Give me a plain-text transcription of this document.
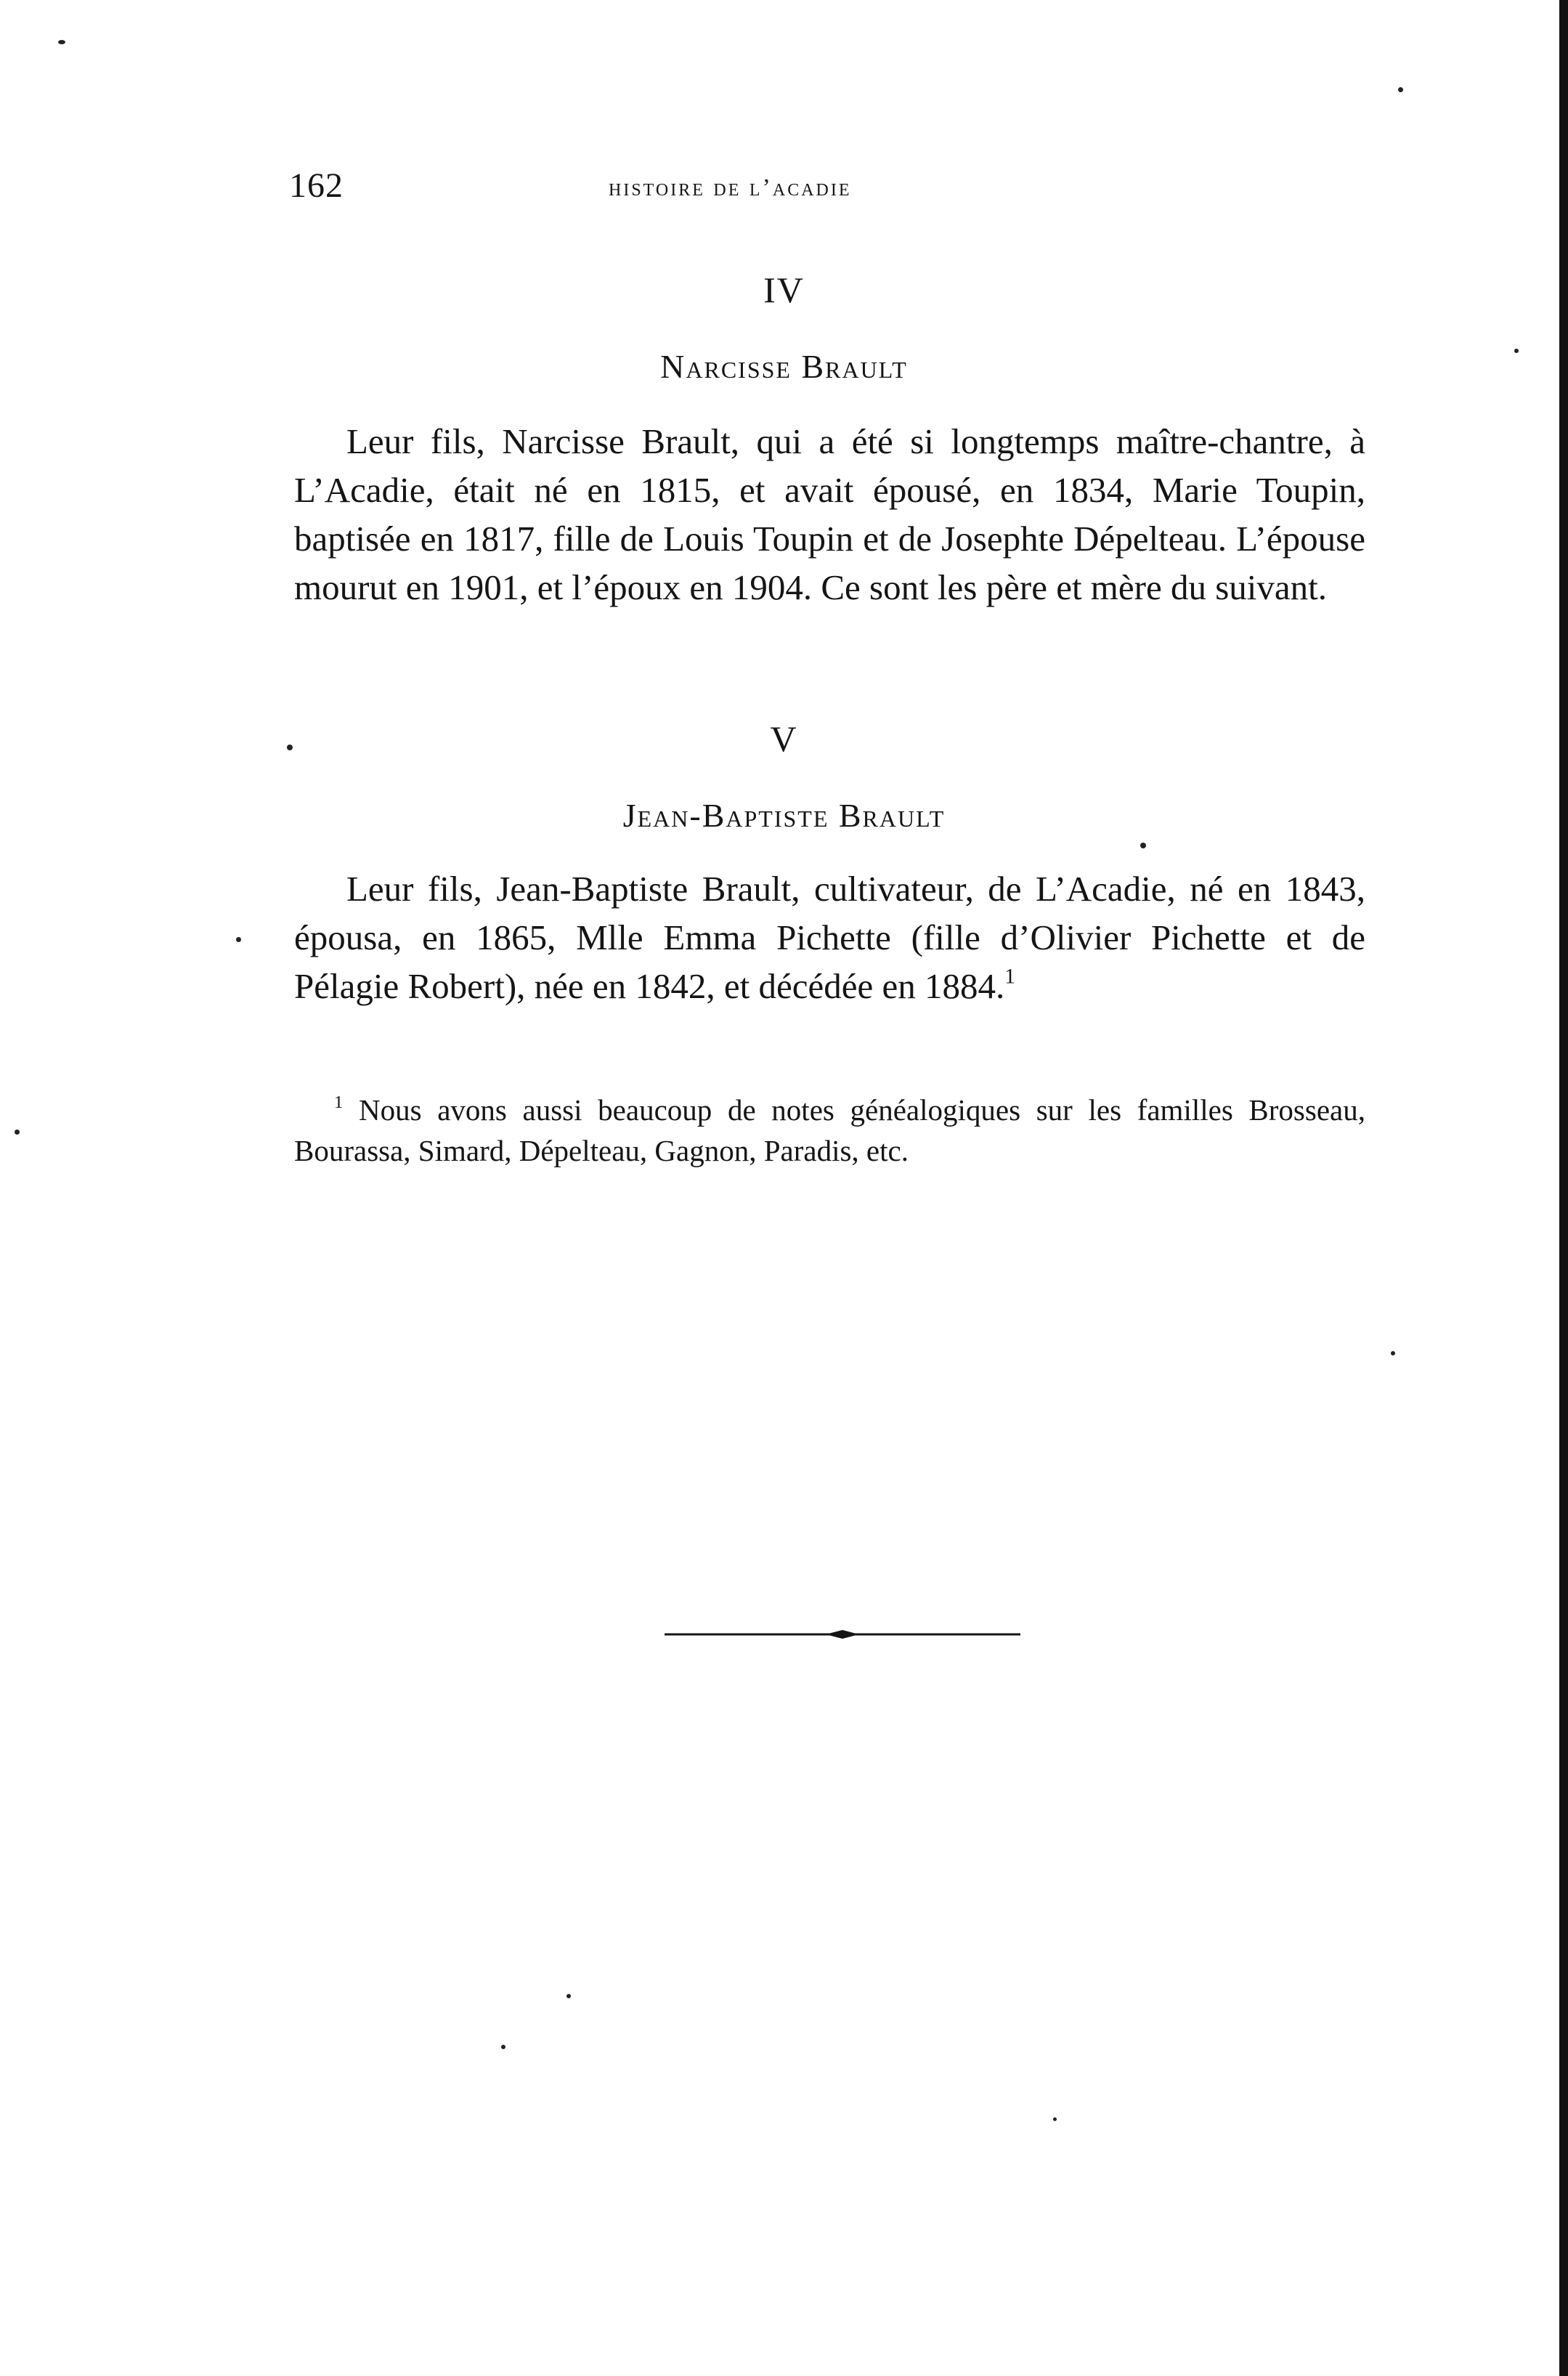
162	histoire de l’acadie
IV
Narcisse Brault

Leur fils, Narcisse Brault, qui a été si longtemps maître-chantre, à L’Acadie, était né en 1815, et avait épousé, en 1834, Marie Toupin, baptisée en 1817, fille de Louis Toupin et de Josephte Dépelteau. L’épouse mourut en 1901, et l’époux en 1904. Ce sont les père et mère du suivant.

V
Jean-Baptiste Brault

Leur fils, Jean-Baptiste Brault, cultivateur, de L’Acadie, né en 1843, épousa, en 1865, Mlle Emma Pichette (fille d’Olivier Pichette et de Pélagie Robert), née en 1842, et décédée en 1884.$^1$

$^1$ Nous avons aussi beaucoup de notes généalogiques sur les familles Brosseau, Bourassa, Simard, Dépelteau, Gagnon, Paradis, etc.
